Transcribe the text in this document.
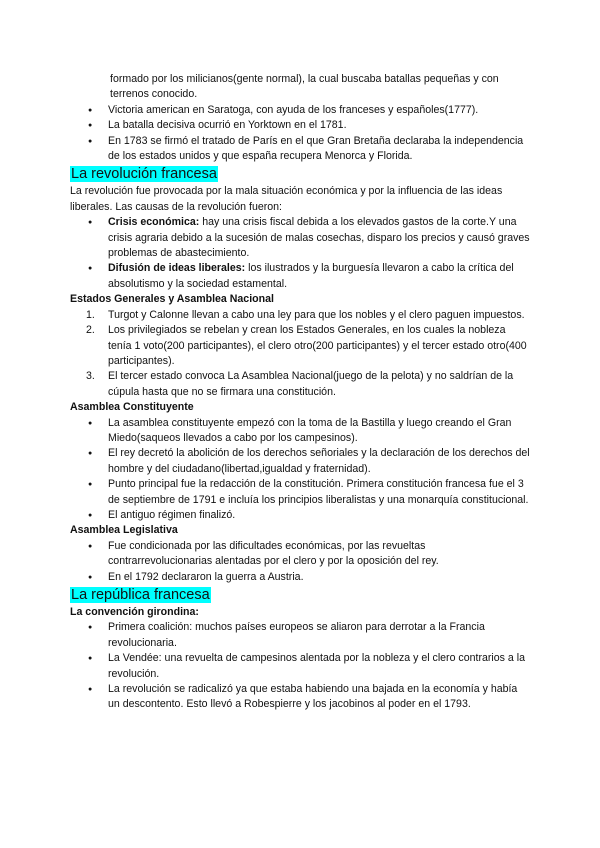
formado por los milicianos(gente normal), la cual buscaba batallas pequeñas y con terrenos conocido.

● Victoria american en Saratoga, con ayuda de los franceses y españoles(1777).
● La batalla decisiva ocurrió en Yorktown en el 1781.
● En 1783 se firmó el tratado de París en el que Gran Bretaña declaraba la independencia de los estados unidos y que españa recupera Menorca y Florida.
La revolución francesa

La revolución fue provocada por la mala situación económica y por la influencia de las ideas liberales. Las causas de la revolución fueron:

● Crisis económica: hay una crisis fiscal debida a los elevados gastos de la corte.Y una crisis agraria debido a la sucesión de malas cosechas, disparo los precios y causó graves problemas de abastecimiento.
● Difusión de ideas liberales: los ilustrados y la burguesía llevaron a cabo la crítica del absolutismo y la sociedad estamental.
Estados Generales y Asamblea Nacional
1. Turgot y Calonne llevan a cabo una ley para que los nobles y el clero paguen impuestos.
2. Los privilegiados se rebelan y crean los Estados Generales, en los cuales la nobleza tenía 1 voto(200 participantes), el clero otro(200 participantes) y el tercer estado otro(400 participantes).
3. El tercer estado convoca La Asamblea Nacional(juego de la pelota) y no saldrían de la cúpula hasta que no se firmara una constitución.
Asamblea Constituyente
● La asamblea constituyente empezó con la toma de la Bastilla y luego creando el Gran Miedo(saqueos llevados a cabo por los campesinos).
● El rey decretó la abolición de los derechos señoriales y la declaración de los derechos del hombre y del ciudadano(libertad,igualdad y fraternidad).
● Punto principal fue la redacción de la constitución. Primera constitución francesa fue el 3 de septiembre de 1791 e incluía los principios liberalistas y una monarquía constitucional.
● El antiguo régimen finalizó.
Asamblea Legislativa
● Fue condicionada por las dificultades económicas, por las revueltas contrarrevolucionarias alentadas por el clero y por la oposición del rey.
● En el 1792 declararon la guerra a Austria.
La república francesa
La convención girondina:
● Primera coalición: muchos países europeos se aliaron para derrotar a la Francia revolucionaria.
● La Vendée: una revuelta de campesinos alentada por la nobleza y el clero contrarios a la revolución.
● La revolución se radicalizó ya que estaba habiendo una bajada en la economía y había un descontento. Esto llevó a Robespierre y los jacobinos al poder en el 1793.
